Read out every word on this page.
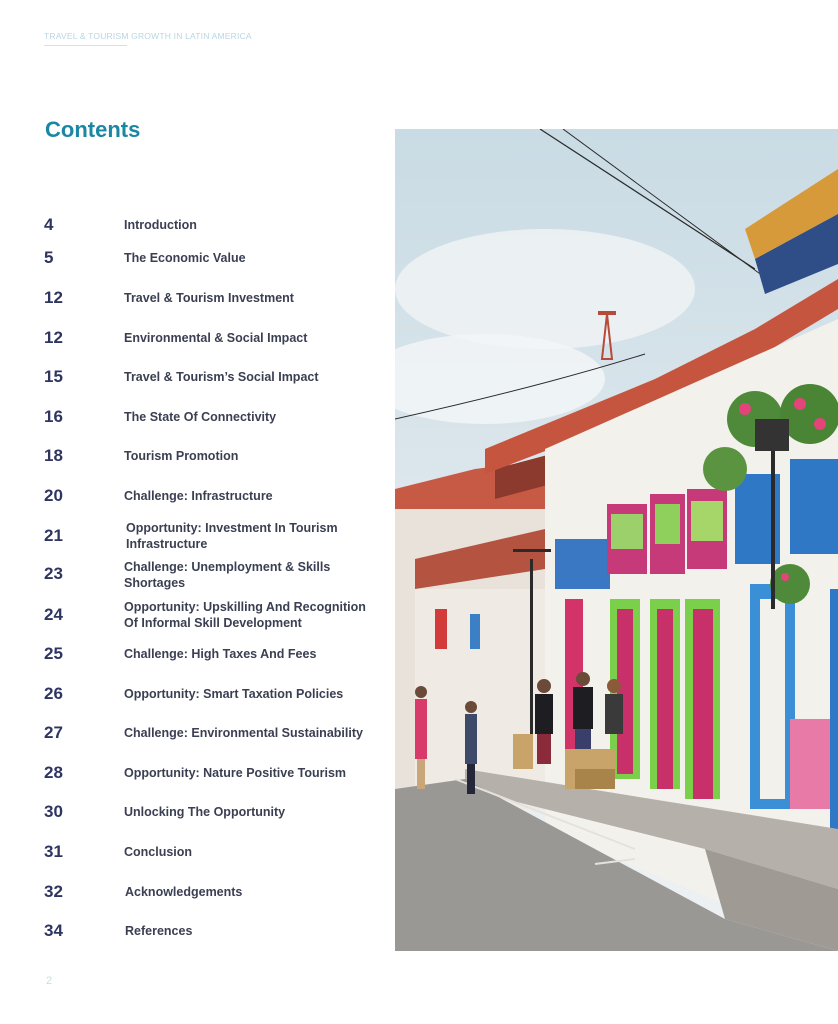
TRAVEL & TOURISM GROWTH IN LATIN AMERICA
Contents
4	Introduction
5	The Economic Value
12	Travel & Tourism Investment
12	Environmental & Social Impact
15	Travel & Tourism’s Social Impact
16	The State Of Connectivity
18	Tourism Promotion
20	Challenge: Infrastructure
21	Opportunity: Investment In Tourism Infrastructure
23	Challenge: Unemployment & Skills Shortages
24	Opportunity: Upskilling And Recognition Of Informal Skill Development
25	Challenge: High Taxes And Fees
26	Opportunity: Smart Taxation Policies
27	Challenge: Environmental Sustainability
28	Opportunity: Nature Positive Tourism
30	Unlocking The Opportunity
31	Conclusion
32	Acknowledgements
34	References
2
